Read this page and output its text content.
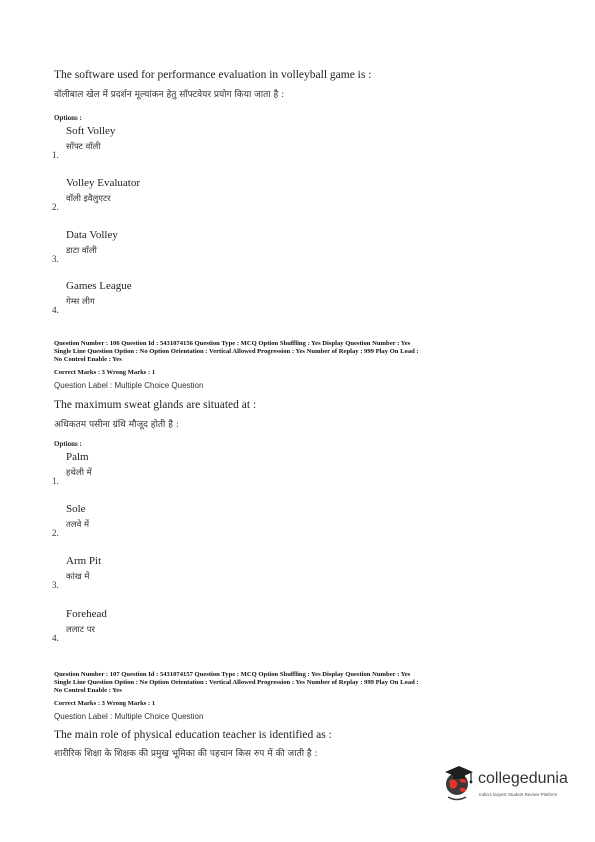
The software used for performance evaluation in volleyball game is :
वॉलीबाल खेल में प्रदर्शन मूल्यांकन हेतु सॉफ्टवेयर प्रयोग किया जाता है :
Options :
Soft Volley
सॉफ्ट वॉली
1.
Volley Evaluator
वॉली इवैलुएटर
2.
Data Volley
डाटा वॉली
3.
Games League
गेम्स लीग
4.
Question Number : 106 Question Id : 5431074156 Question Type : MCQ Option Shuffling : Yes Display Question Number : Yes
Single Line Question Option : No Option Orientation : Vertical Allowed Progression : Yes Number of Replay : 999 Play On Load :
No Control Enable : Yes
Correct Marks : 3 Wrong Marks : 1
Question Label : Multiple Choice Question
The maximum sweat glands are situated at :
अधिकतम पसीना ग्रंथि मौजूद होती है :
Options :
Palm
हथेली में
1.
Sole
तलवे में
2.
Arm Pit
कांख में
3.
Forehead
ललाट पर
4.
Question Number : 107 Question Id : 5431074157 Question Type : MCQ Option Shuffling : Yes Display Question Number : Yes
Single Line Question Option : No Option Orientation : Vertical Allowed Progression : Yes Number of Replay : 999 Play On Load :
No Control Enable : Yes
Correct Marks : 3 Wrong Marks : 1
Question Label : Multiple Choice Question
The main role of physical education teacher is identified as :
शारीरिक शिक्षा के शिक्षक की प्रमुख भूमिका की पहचान किस रुप में की जाती है :
collegedunia
India's largest Student Review Platform
